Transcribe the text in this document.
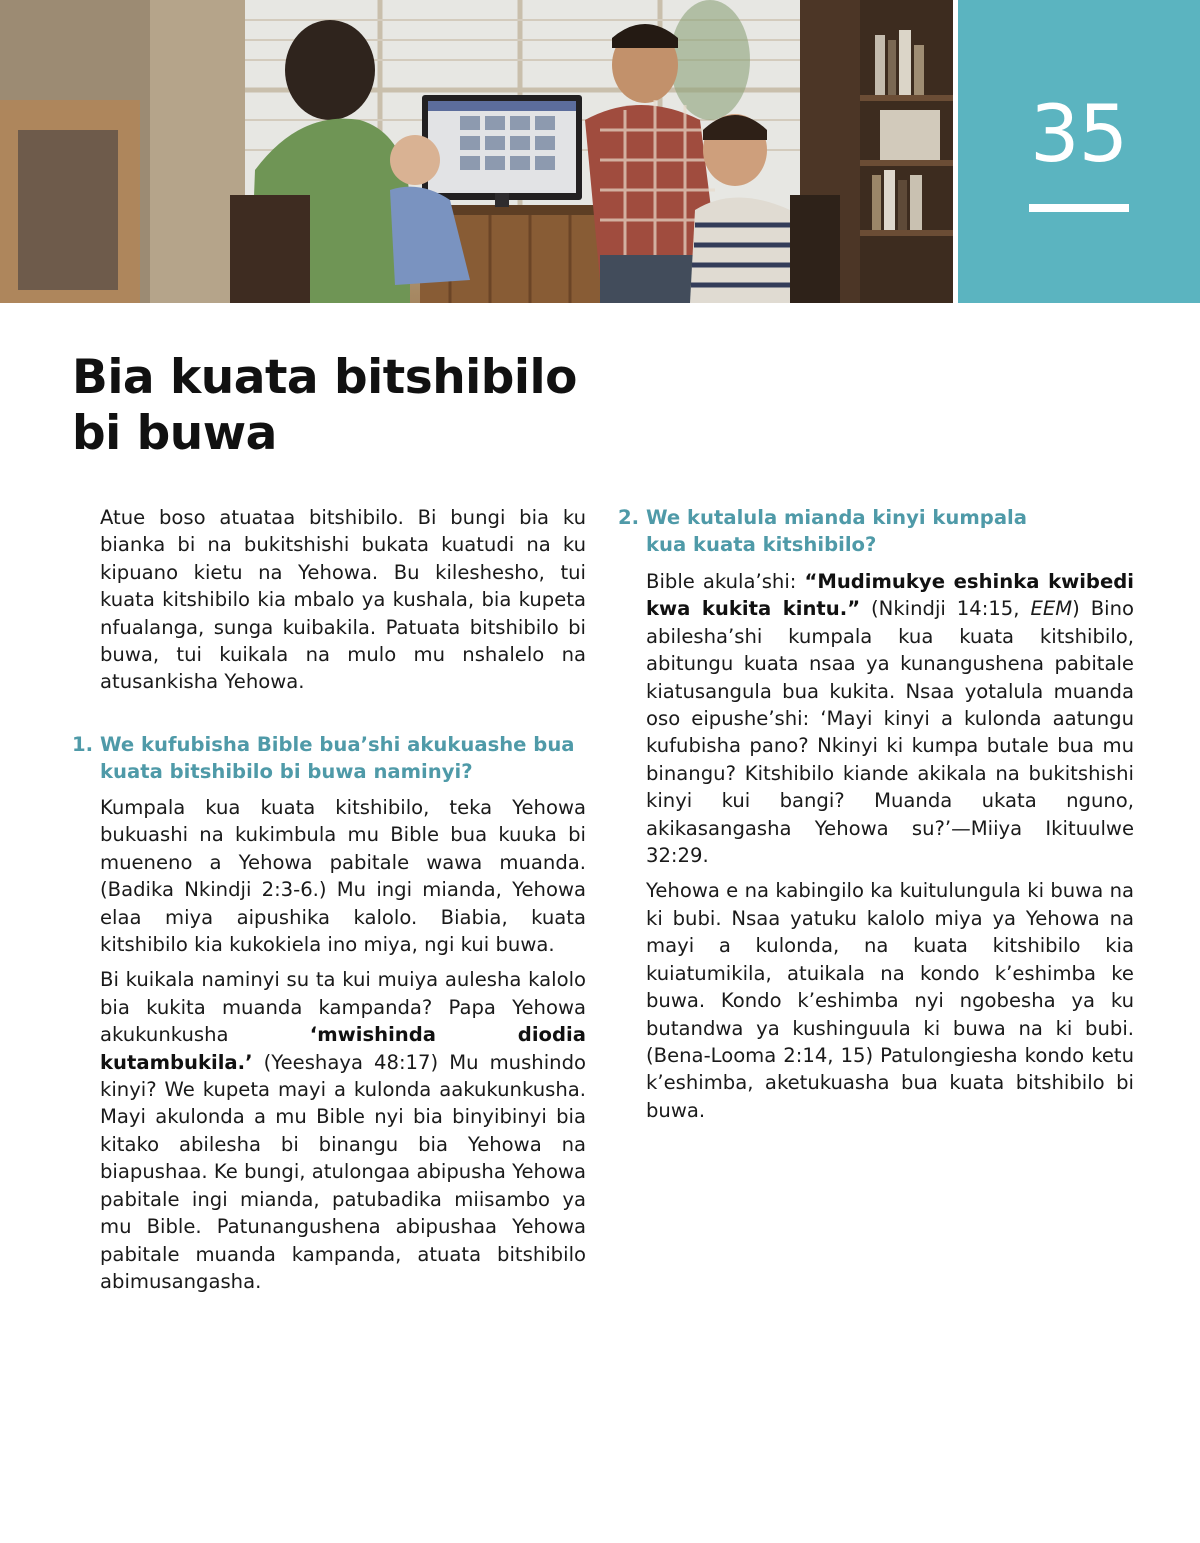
35
Bia kuata bitshibilo
bi buwa

Atue boso atuataa bitshibilo. Bi bungi bia ku bianka bi na bukitshishi bukata kuatudi na ku kipuano kietu na Yehowa. Bu kileshesho, tui kuata kitshibilo kia mbalo ya kushala, bia kupeta nfualanga, sunga kuibakila. Patuata bitshibilo bi buwa, tui kuikala na mulo mu nshalelo na atusankisha Yehowa.

1. We kufubisha Bible bua’shi akukuashe bua
kuata bitshibilo bi buwa naminyi?

Kumpala kua kuata kitshibilo, teka Yehowa bukuashi na kukimbula mu Bible bua kuuka bi mueneno a Yehowa pabitale wawa muanda. (Badika Nkindji 2:3-6.) Mu ingi mianda, Yehowa elaa miya aipushika kalolo. Biabia, kuata kitshibilo kia kukokiela ino miya, ngi kui buwa.

Bi kuikala naminyi su ta kui muiya aulesha kalolo bia kukita muanda kampanda? Papa Yehowa akukunkusha ‘mwishinda diodia kutambukila.’ (Yeeshaya 48:17) Mu mushindo kinyi? We kupeta mayi a kulonda aakukunkusha. Mayi akulonda a mu Bible nyi bia binyibinyi bia kitako abilesha bi binangu bia Yehowa na biapushaa. Ke bungi, atulongaa abipusha Yehowa pabitale ingi mianda, patubadika miisambo ya mu Bible. Patunangushena abipushaa Yehowa pabitale muanda kampanda, atuata bitshibilo abimusangasha.

2. We kutalula mianda kinyi kumpala
kua kuata kitshibilo?

Bible akula’shi: “Mudimukye eshinka kwibedi kwa kukita kintu.” (Nkindji 14:15, EEM) Bino abilesha’shi kumpala kua kuata kitshibilo, abitungu kuata nsaa ya kunangushena pabitale kiatusangula bua kukita. Nsaa yotalula muanda oso eipushe’shi: ‘Mayi kinyi a kulonda aatungu kufubisha pano? Nkinyi ki kumpa butale bua mu binangu? Kitshibilo kiande akikala na bukitshishi kinyi kui bangi? Muanda ukata nguno, akikasangasha Yehowa su?’—Miiya Ikituulwe 32:29.

Yehowa e na kabingilo ka kuitulungula ki buwa na ki bubi. Nsaa yatuku kalolo miya ya Yehowa na mayi a kulonda, na kuata kitshibilo kia kuiatumikila, atuikala na kondo k’eshimba ke buwa. Kondo k’eshimba nyi ngobesha ya ku butandwa ya kushinguula ki buwa na ki bubi. (Bena-Looma 2:14, 15) Patulongiesha kondo ketu k’eshimba, aketukuasha bua kuata bitshibilo bi buwa.
